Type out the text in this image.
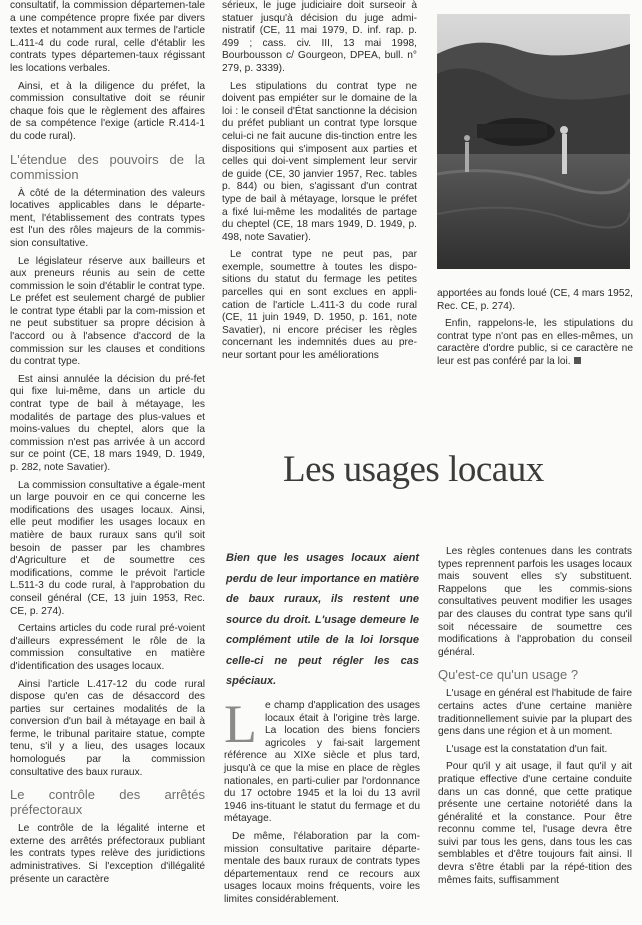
consultatif, la commission départemen-tale a une compétence propre fixée par divers textes et notamment aux termes de l'article L.411-4 du code rural, celle d'établir les contrats types départemen-taux régissant les locations verbales.

Ainsi, et à la diligence du préfet, la commission consultative doit se réunir chaque fois que le règlement des affaires de sa compétence l'exige (article R.414-1 du code rural).

L'étendue des pouvoirs de la commission

À côté de la détermination des valeurs locatives applicables dans le départe-ment, l'établissement des contrats types est l'un des rôles majeurs de la commis-sion consultative.

Le législateur réserve aux bailleurs et aux preneurs réunis au sein de cette commission le soin d'établir le contrat type. Le préfet est seulement chargé de publier le contrat type établi par la com-mission et ne peut substituer sa propre décision à l'accord ou à l'absence d'accord de la commission sur les clauses et conditions du contrat type.

Est ainsi annulée la décision du pré-fet qui fixe lui-même, dans un article du contrat type de bail à métayage, les modalités de partage des plus-values et moins-values du cheptel, alors que la commission n'est pas arrivée à un accord sur ce point (CE, 18 mars 1949, D. 1949, p. 282, note Savatier).

La commission consultative a égale-ment un large pouvoir en ce qui concerne les modifications des usages locaux. Ainsi, elle peut modifier les usages locaux en matière de baux ruraux sans qu'il soit besoin de passer par les chambres d'Agriculture et de soumettre ces modifications, comme le prévoit l'article L.511-3 du code rural, à l'approbation du conseil général (CE, 13 juin 1953, Rec. CE, p. 274).

Certains articles du code rural pré-voient d'ailleurs expressément le rôle de la commission consultative en matière d'identification des usages locaux.

Ainsi l'article L.417-12 du code rural dispose qu'en cas de désaccord des parties sur certaines modalités de la conversion d'un bail à métayage en bail à ferme, le tribunal paritaire statue, compte tenu, s'il y a lieu, des usages locaux homologués par la commission consultative des baux ruraux.

Le contrôle des arrêtés préfectoraux

Le contrôle de la légalité interne et externe des arrêtés préfectoraux publiant les contrats types relève des juridictions administratives. Si l'exception d'illégalité présente un caractère

sérieux, le juge judiciaire doit surseoir à statuer jusqu'à décision du juge admi-nistratif (CE, 11 mai 1979, D. inf. rap. p. 499 ; cass. civ. III, 13 mai 1998, Bourbousson c/ Gourgeon, DPEA, bull. n° 279, p. 3339).

Les stipulations du contrat type ne doivent pas empiéter sur le domaine de la loi : le conseil d'État sanctionne la décision du préfet publiant un contrat type lorsque celui-ci ne fait aucune dis-tinction entre les dispositions qui s'imposent aux parties et celles qui doi-vent simplement leur servir de guide (CE, 30 janvier 1957, Rec. tables p. 844) ou bien, s'agissant d'un contrat type de bail à métayage, lorsque le préfet a fixé lui-même les modalités de partage du cheptel (CE, 18 mars 1949, D. 1949, p. 498, note Savatier).

Le contrat type ne peut pas, par exemple, soumettre à toutes les dispo-sitions du statut du fermage les petites parcelles qui en sont exclues en appli-cation de l'article L.411-3 du code rural (CE, 11 juin 1949, D. 1950, p. 161, note Savatier), ni encore préciser les règles concernant les indemnités dues au pre-neur sortant pour les améliorations

apportées au fonds loué (CE, 4 mars 1952, Rec. CE, p. 274).

Enfin, rappelons-le, les stipulations du contrat type n'ont pas en elles-mêmes, un caractère d'ordre public, si ce caractère ne leur est pas conféré par la loi.

Les usages locaux
Bien que les usages locaux aient perdu de leur importance en matière de baux ruraux, ils restent une source du droit. L'usage demeure le complément utile de la loi lorsque celle-ci ne peut régler les cas spéciaux.
L e champ d'application des usages locaux était à l'origine très large. La location des biens fonciers agricoles y fai-sait largement référence au XIXe siècle et plus tard, jusqu'à ce que la mise en place de règles nationales, en parti-culier par l'ordonnance du 17 octobre 1945 et la loi du 13 avril 1946 ins-tituant le statut du fermage et du métayage.

De même, l'élaboration par la com-mission consultative paritaire départe-mentale des baux ruraux de contrats types départementaux rend ce recours aux usages locaux moins fréquents, voire les limites considérablement.

Les règles contenues dans les contrats types reprennent parfois les usages locaux mais souvent elles s'y substituent. Rappelons que les commis-sions consultatives peuvent modifier les usages par des clauses du contrat type sans qu'il soit nécessaire de soumettre ces modifications à l'approbation du conseil général.

Qu'est-ce qu'un usage ?

L'usage en général est l'habitude de faire certains actes d'une certaine manière traditionnellement suivie par la plupart des gens dans une région et à un moment.

L'usage est la constatation d'un fait.

Pour qu'il y ait usage, il faut qu'il y ait pratique effective d'une certaine conduite dans un cas donné, que cette pratique présente une certaine notoriété dans la généralité et la constance. Pour être reconnu comme tel, l'usage devra être suivi par tous les gens, dans tous les cas semblables et d'être toujours fait ainsi. Il devra s'être établi par la répé-tition des mêmes faits, suffisamment
